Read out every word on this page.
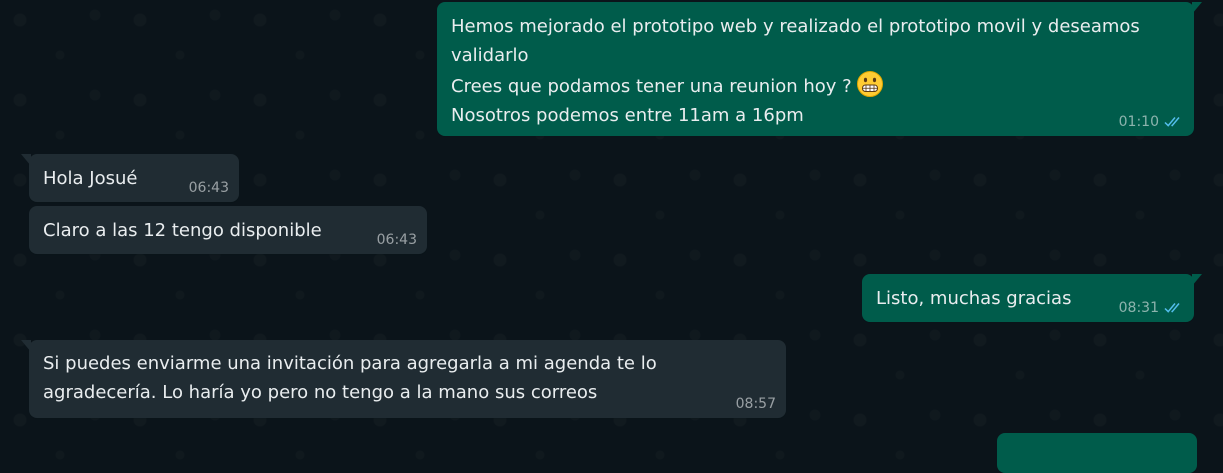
Hemos mejorado el prototipo web y realizado el prototipo movil y deseamos
validarlo
Crees que podamos tener una reunion hoy ?
Nosotros podemos entre 11am a 16pm	01:10
Hola Josué	06:43
Claro a las 12 tengo disponible	06:43
Listo, muchas gracias	08:31
Si puedes enviarme una invitación para agregarla a mi agenda te lo
agradecería. Lo haría yo pero no tengo a la mano sus correos
08:57
